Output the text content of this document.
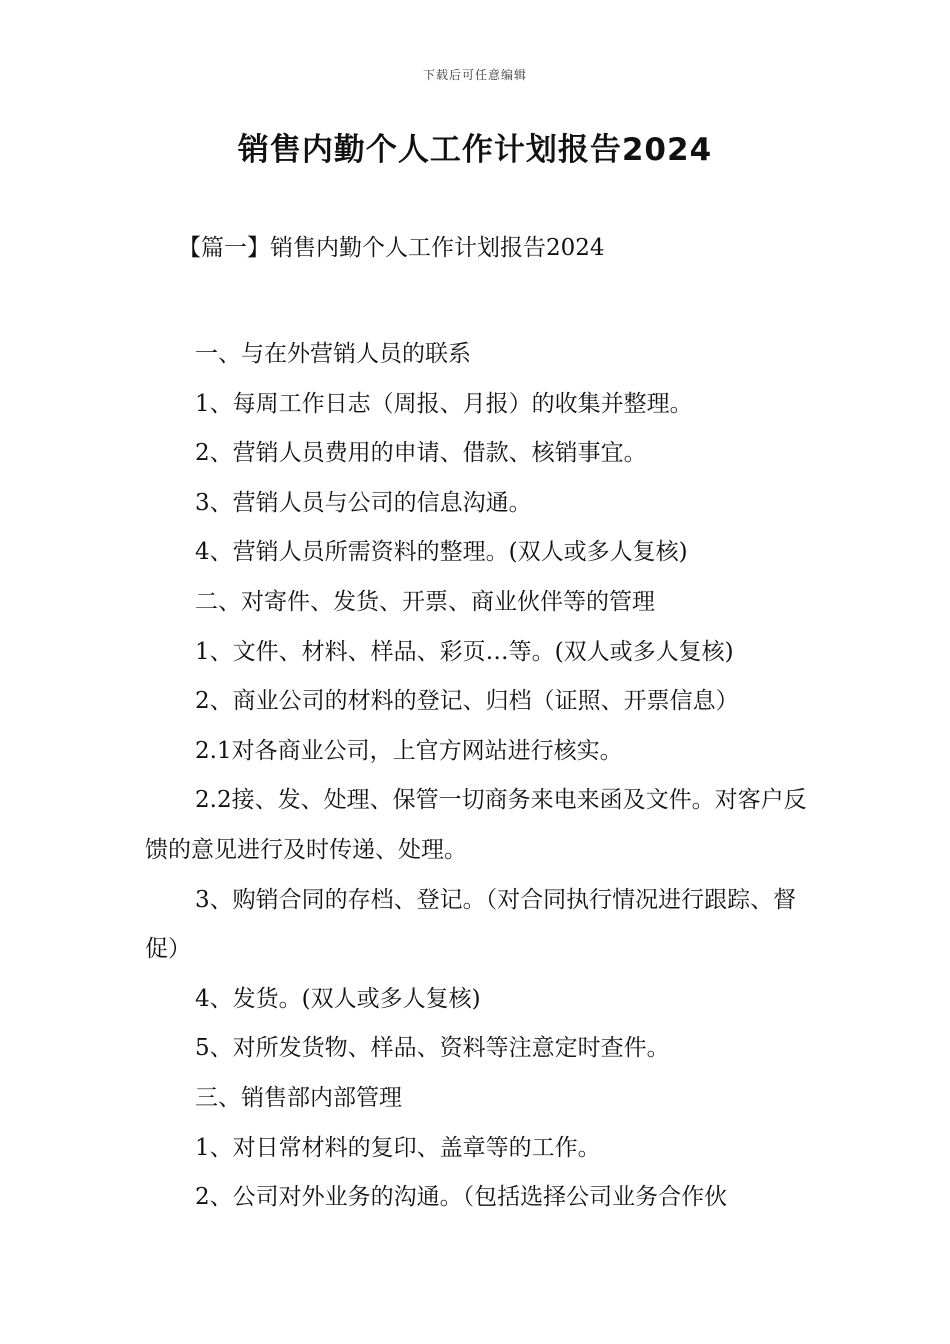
下载后可任意编辑
销售内勤个人工作计划报告2024
【篇一】销售内勤个人工作计划报告2024

一、与在外营销人员的联系

1、每周工作日志（周报、月报）的收集并整理。

2、营销人员费用的申请、借款、核销事宜。

3、营销人员与公司的信息沟通。

4、营销人员所需资料的整理。(双人或多人复核)

二、对寄件、发货、开票、商业伙伴等的管理

1、文件、材料、样品、彩页…等。(双人或多人复核)

2、商业公司的材料的登记、归档（证照、开票信息）

2.1对各商业公司，上官方网站进行核实。

2.2接、发、处理、保管一切商务来电来函及文件。对客户反馈的意见进行及时传递、处理。

3、购销合同的存档、登记。（对合同执行情况进行跟踪、督促）

4、发货。(双人或多人复核)

5、对所发货物、样品、资料等注意定时查件。

三、销售部内部管理

1、对日常材料的复印、盖章等的工作。

2、公司对外业务的沟通。（包括选择公司业务合作伙
